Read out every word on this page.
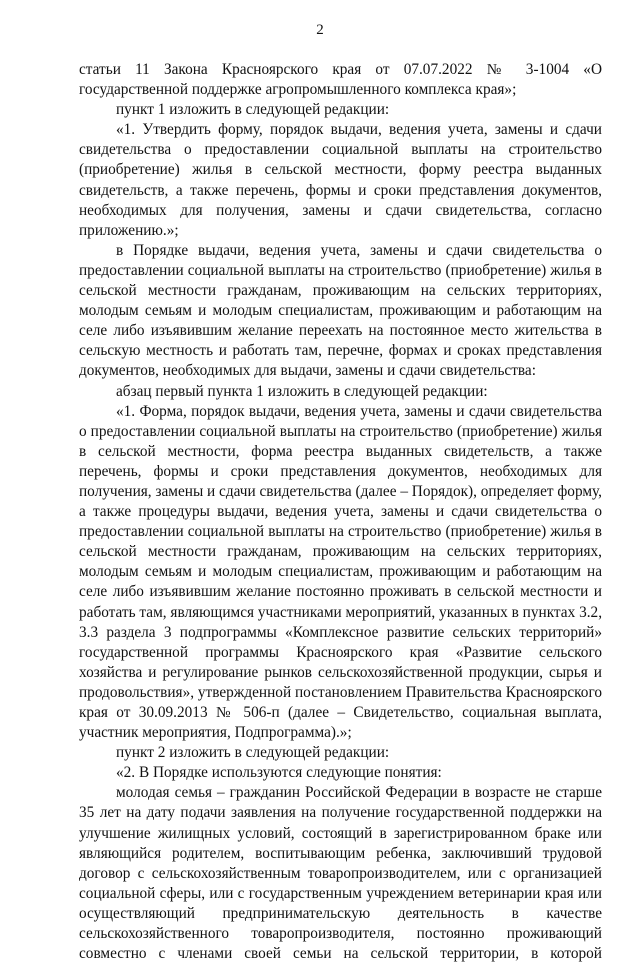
2

статьи 11 Закона Красноярского края от 07.07.2022 № 3-1004 «О государственной поддержке агропромышленного комплекса края»;

пункт 1 изложить в следующей редакции:

«1. Утвердить форму, порядок выдачи, ведения учета, замены и сдачи свидетельства о предоставлении социальной выплаты на строительство (приобретение) жилья в сельской местности, форму реестра выданных свидетельств, а также перечень, формы и сроки представления документов, необходимых для получения, замены и сдачи свидетельства, согласно приложению.»;

в Порядке выдачи, ведения учета, замены и сдачи свидетельства о предоставлении социальной выплаты на строительство (приобретение) жилья в сельской местности гражданам, проживающим на сельских территориях, молодым семьям и молодым специалистам, проживающим и работающим на селе либо изъявившим желание переехать на постоянное место жительства в сельскую местность и работать там, перечне, формах и сроках представления документов, необходимых для выдачи, замены и сдачи свидетельства:

абзац первый пункта 1 изложить в следующей редакции:

«1. Форма, порядок выдачи, ведения учета, замены и сдачи свидетельства о предоставлении социальной выплаты на строительство (приобретение) жилья в сельской местности, форма реестра выданных свидетельств, а также перечень, формы и сроки представления документов, необходимых для получения, замены и сдачи свидетельства (далее – Порядок), определяет форму, а также процедуры выдачи, ведения учета, замены и сдачи свидетельства о предоставлении социальной выплаты на строительство (приобретение) жилья в сельской местности гражданам, проживающим на сельских территориях, молодым семьям и молодым специалистам, проживающим и работающим на селе либо изъявившим желание постоянно проживать в сельской местности и работать там, являющимся участниками мероприятий, указанных в пунктах 3.2, 3.3 раздела 3 подпрограммы «Комплексное развитие сельских территорий» государственной программы Красноярского края «Развитие сельского хозяйства и регулирование рынков сельскохозяйственной продукции, сырья и продовольствия», утвержденной постановлением Правительства Красноярского края от 30.09.2013 № 506-п (далее – Свидетельство, социальная выплата, участник мероприятия, Подпрограмма).»;

пункт 2 изложить в следующей редакции:

«2. В Порядке используются следующие понятия:

молодая семья – гражданин Российской Федерации в возрасте не старше 35 лет на дату подачи заявления на получение государственной поддержки на улучшение жилищных условий, состоящий в зарегистрированном браке или являющийся родителем, воспитывающим ребенка, заключивший трудовой договор с сельскохозяйственным товаропроизводителем, или с организацией социальной сферы, или с государственным учреждением ветеринарии края или осуществляющий предпринимательскую деятельность в качестве сельскохозяйственного товаропроизводителя, постоянно проживающий совместно с членами своей семьи на сельской территории, в которой
